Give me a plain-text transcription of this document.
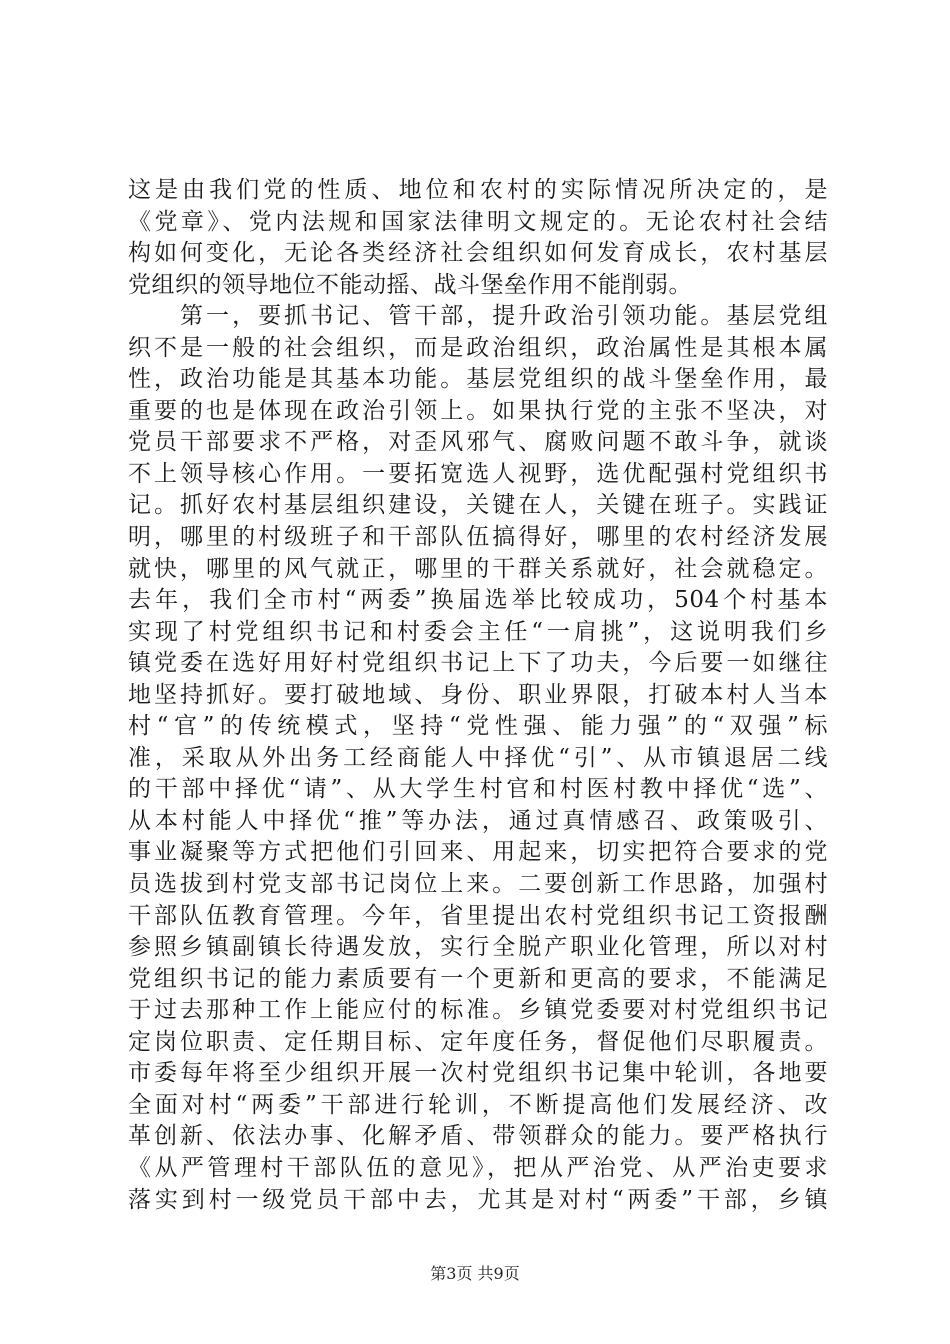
这是由我们党的性质、地位和农村的实际情况所决定的，是
《党章》、党内法规和国家法律明文规定的。无论农村社会结
构如何变化，无论各类经济社会组织如何发育成长，农村基层
党组织的领导地位不能动摇、战斗堡垒作用不能削弱。
　　第一，要抓书记、管干部，提升政治引领功能。基层党组
织不是一般的社会组织，而是政治组织，政治属性是其根本属
性，政治功能是其基本功能。基层党组织的战斗堡垒作用，最
重要的也是体现在政治引领上。如果执行党的主张不坚决，对
党员干部要求不严格，对歪风邪气、腐败问题不敢斗争，就谈
不上领导核心作用。一要拓宽选人视野，选优配强村党组织书
记。抓好农村基层组织建设，关键在人，关键在班子。实践证
明，哪里的村级班子和干部队伍搞得好，哪里的农村经济发展
就快，哪里的风气就正，哪里的干群关系就好，社会就稳定。
去年，我们全市村“两委”换届选举比较成功，504个村基本
实现了村党组织书记和村委会主任“一肩挑”，这说明我们乡
镇党委在选好用好村党组织书记上下了功夫，今后要一如继往
地坚持抓好。要打破地域、身份、职业界限，打破本村人当本
村“官”的传统模式，坚持“党性强、能力强”的“双强”标
准，采取从外出务工经商能人中择优“引”、从市镇退居二线
的干部中择优“请”、从大学生村官和村医村教中择优“选”、
从本村能人中择优“推”等办法，通过真情感召、政策吸引、
事业凝聚等方式把他们引回来、用起来，切实把符合要求的党
员选拔到村党支部书记岗位上来。二要创新工作思路，加强村
干部队伍教育管理。今年，省里提出农村党组织书记工资报酬
参照乡镇副镇长待遇发放，实行全脱产职业化管理，所以对村
党组织书记的能力素质要有一个更新和更高的要求，不能满足
于过去那种工作上能应付的标准。乡镇党委要对村党组织书记
定岗位职责、定任期目标、定年度任务，督促他们尽职履责。
市委每年将至少组织开展一次村党组织书记集中轮训，各地要
全面对村“两委”干部进行轮训，不断提高他们发展经济、改
革创新、依法办事、化解矛盾、带领群众的能力。要严格执行
《从严管理村干部队伍的意见》，把从严治党、从严治吏要求
落实到村一级党员干部中去，尤其是对村“两委”干部，乡镇
第3页 共9页
